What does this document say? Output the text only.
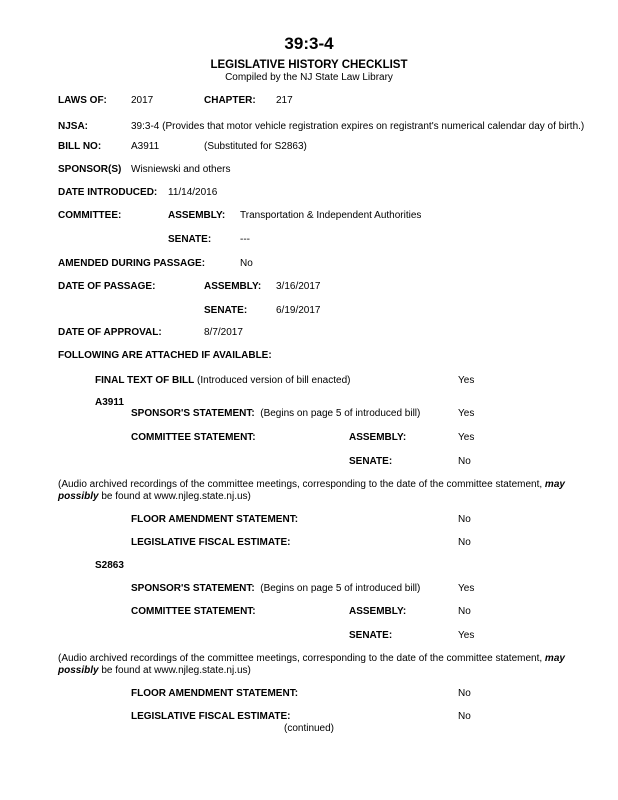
39:3-4
LEGISLATIVE HISTORY CHECKLIST
Compiled by the NJ State Law Library
LAWS OF: 2017	CHAPTER: 217
NJSA:	39:3-4 (Provides that motor vehicle registration expires on registrant's numerical calendar day of birth.)
BILL NO:	A3911	(Substituted for S2863)
SPONSOR(S) Wisniewski and others
DATE INTRODUCED: 11/14/2016
COMMITTEE:	ASSEMBLY: Transportation & Independent Authorities
SENATE:	---
AMENDED DURING PASSAGE:	No
DATE OF PASSAGE:	ASSEMBLY: 3/16/2017
SENATE:	6/19/2017
DATE OF APPROVAL:	8/7/2017
FOLLOWING ARE ATTACHED IF AVAILABLE:
FINAL TEXT OF BILL (Introduced version of bill enacted)	Yes
A3911
SPONSOR'S STATEMENT: (Begins on page 5 of introduced bill)	Yes
COMMITTEE STATEMENT:	ASSEMBLY:	Yes
SENATE:	No
(Audio archived recordings of the committee meetings, corresponding to the date of the committee statement, may possibly be found at www.njleg.state.nj.us)
FLOOR AMENDMENT STATEMENT:	No
LEGISLATIVE FISCAL ESTIMATE:	No
S2863
SPONSOR'S STATEMENT: (Begins on page 5 of introduced bill)	Yes
COMMITTEE STATEMENT:	ASSEMBLY:	No
SENATE:	Yes
(Audio archived recordings of the committee meetings, corresponding to the date of the committee statement, may possibly be found at www.njleg.state.nj.us)
FLOOR AMENDMENT STATEMENT:	No
LEGISLATIVE FISCAL ESTIMATE:	No
(continued)
